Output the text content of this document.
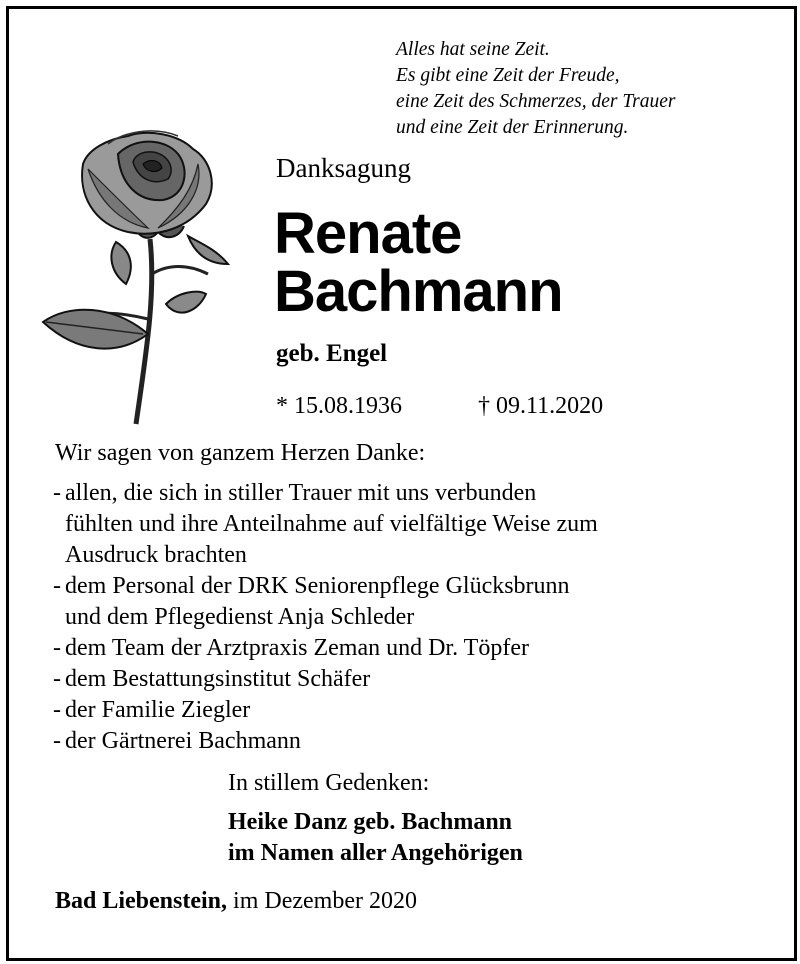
Alles hat seine Zeit.
Es gibt eine Zeit der Freude,
eine Zeit des Schmerzes, der Trauer
und eine Zeit der Erinnerung.
Danksagung
Renate
Bachmann
geb. Engel
* 15.08.1936	† 09.11.2020
Wir sagen von ganzem Herzen Danke:
- allen, die sich in stiller Trauer mit uns verbunden
fühlten und ihre Anteilnahme auf vielfältige Weise zum
Ausdruck brachten
- dem Personal der DRK Seniorenpflege Glücksbrunn
und dem Pflegedienst Anja Schleder
- dem Team der Arztpraxis Zeman und Dr. Töpfer
- dem Bestattungsinstitut Schäfer
- der Familie Ziegler
- der Gärtnerei Bachmann
In stillem Gedenken:
Heike Danz geb. Bachmann
im Namen aller Angehörigen
Bad Liebenstein, im Dezember 2020
